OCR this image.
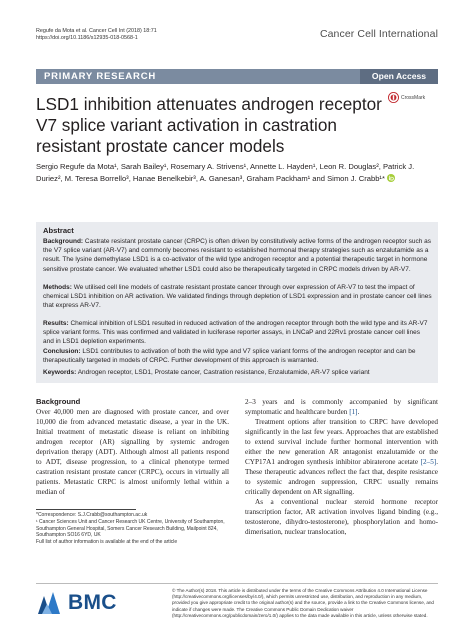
Regufe da Mota et al. Cancer Cell Int (2018) 18:71
https://doi.org/10.1186/s12935-018-0568-1	Cancer Cell International
PRIMARY RESEARCH	Open Access
CrossMark
LSD1 inhibition attenuates androgen receptor V7 splice variant activation in castration resistant prostate cancer models
Sergio Regufe da Mota¹, Sarah Bailey¹, Rosemary A. Strivens¹, Annette L. Hayden¹, Leon R. Douglas², Patrick J. Duriez², M. Teresa Borrello³, Hanae Benelkebir³, A. Ganesan³, Graham Packham¹ and Simon J. Crabb¹*
Abstract
Background: Castrate resistant prostate cancer (CRPC) is often driven by constitutively active forms of the androgen receptor such as the V7 splice variant (AR-V7) and commonly becomes resistant to established hormonal therapy strategies such as enzalutamide as a result. The lysine demethylase LSD1 is a co-activator of the wild type androgen receptor and a potential therapeutic target in hormone sensitive prostate cancer. We evaluated whether LSD1 could also be therapeutically targeted in CRPC models driven by AR-V7.
Methods: We utilised cell line models of castrate resistant prostate cancer through over expression of AR-V7 to test the impact of chemical LSD1 inhibition on AR activation. We validated findings through depletion of LSD1 expression and in prostate cancer cell lines that express AR-V7.
Results: Chemical inhibition of LSD1 resulted in reduced activation of the androgen receptor through both the wild type and its AR-V7 splice variant forms. This was confirmed and validated in luciferase reporter assays, in LNCaP and 22Rv1 prostate cancer cell lines and in LSD1 depletion experiments.
Conclusion: LSD1 contributes to activation of both the wild type and V7 splice variant forms of the androgen receptor and can be therapeutically targeted in models of CRPC. Further development of this approach is warranted.
Keywords: Androgen receptor, LSD1, Prostate cancer, Castration resistance, Enzalutamide, AR-V7 splice variant
Background
Over 40,000 men are diagnosed with prostate cancer, and over 10,000 die from advanced metastatic disease, a year in the UK. Initial treatment of metastatic disease is reliant on inhibiting androgen receptor (AR) signalling by systemic androgen deprivation therapy (ADT). Although almost all patients respond to ADT, disease progression, to a clinical phenotype termed castration resistant prostate cancer (CRPC), occurs in virtually all patients. Metastatic CRPC is almost uniformly lethal within a median of

2–3 years and is commonly accompanied by significant symptomatic and healthcare burden [1].

Treatment options after transition to CRPC have developed significantly in the last few years. Approaches that are established to extend survival include further hormonal intervention with either the new generation AR antagonist enzalutamide or the CYP17A1 androgen synthesis inhibitor abiraterone acetate [2–5]. These therapeutic advances reflect the fact that, despite resistance to systemic androgen suppression, CRPC usually remains critically dependent on AR signalling.

As a conventional nuclear steroid hormone receptor transcription factor, AR activation involves ligand binding (e.g., testosterone, dihydro-testosterone), phosphorylation and homo-dimerisation, nuclear translocation,

*Correspondence: S.J.Crabb@southampton.ac.uk
¹ Cancer Sciences Unit and Cancer Research UK Centre, University of Southampton, Southampton General Hospital, Somers Cancer Research Building, Mailpoint 824, Southampton SO16 6YD, UK
Full list of author information is available at the end of the article
BMC
© The Author(s) 2018. This article is distributed under the terms of the Creative Commons Attribution 4.0 International License (http://creativecommons.org/licenses/by/4.0/), which permits unrestricted use, distribution, and reproduction in any medium, provided you give appropriate credit to the original author(s) and the source, provide a link to the Creative Commons license, and indicate if changes were made. The Creative Commons Public Domain Dedication waiver (http://creativecommons.org/publicdomain/zero/1.0/) applies to the data made available in this article, unless otherwise stated.
